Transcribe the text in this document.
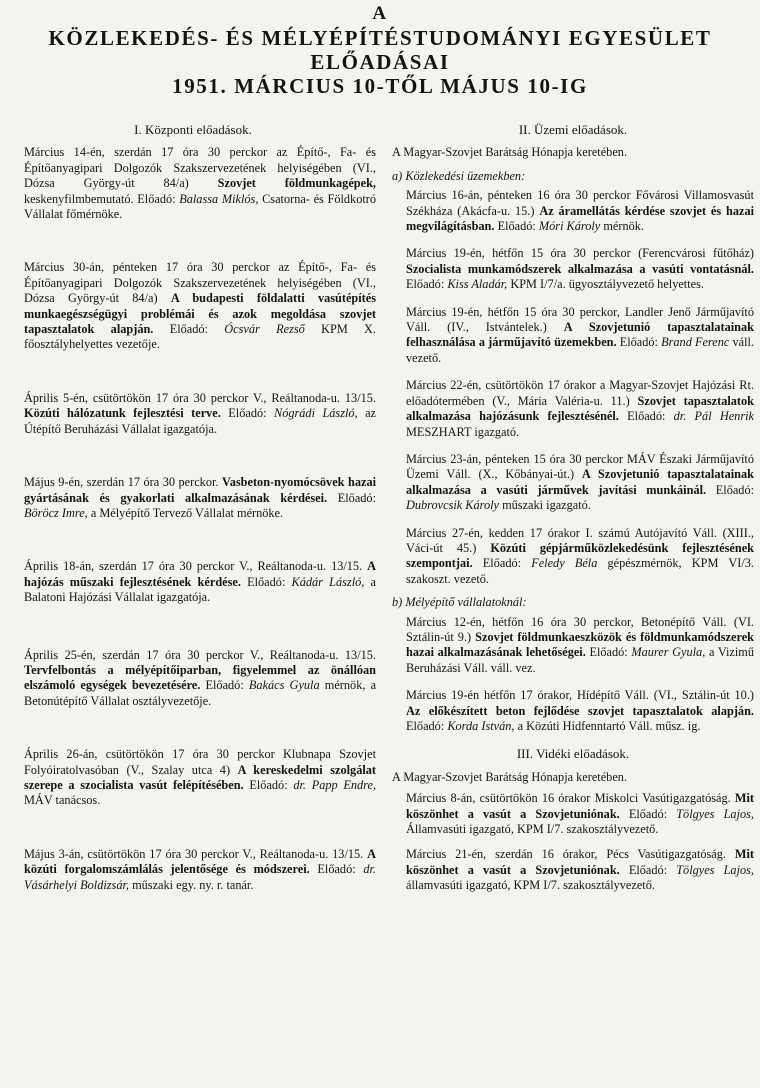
A
KÖZLEKEDÉS- ÉS MÉLYÉPÍTÉSTUDOMÁNYI EGYESÜLET
ELŐADÁSAI
1951. MÁRCIUS 10-TŐL MÁJUS 10-IG
I. Központi előadások.

Március 14-én, szerdán 17 óra 30 perckor az Építő-, Fa- és Építőanyagipari Dolgozók Szakszervezetének helyiségében (VI., Dózsa György-út 84/a) Szovjet földmunkagépek, keskenyfilmbemutató. Előadó: Balassa Miklós, Csatorna- és Földkotró Vállalat főmérnöke.

Március 30-án, pénteken 17 óra 30 perckor az Építő-, Fa- és Építőanyagipari Dolgozók Szakszervezetének helyiségében (VI., Dózsa György-út 84/a) A budapesti földalatti vasútépítés munkaegészségügyi problémái és azok megoldása szovjet tapasztalatok alapján. Előadó: Ócsvár Rezső KPM X. főosztályhelyettes vezetője.

Április 5-én, csütörtökön 17 óra 30 perckor V., Reáltanoda-u. 13/15. Közúti hálózatunk fejlesztési terve. Előadó: Nógrádi László, az Útépítő Beruházási Vállalat igazgatója.

Május 9-én, szerdán 17 óra 30 perckor. Vasbeton-nyomócsövek hazai gyártásának és gyakorlati alkalmazásának kérdései. Előadó: Böröcz Imre, a Mélyépítő Tervező Vállalat mérnöke.

Április 18-án, szerdán 17 óra 30 perckor V., Reáltanoda-u. 13/15. A hajózás műszaki fejlesztésének kérdése. Előadó: Kádár László, a Balatoni Hajózási Vállalat igazgatója.

Április 25-én, szerdán 17 óra 30 perckor V., Reáltanoda-u. 13/15. Tervfelbontás a mélyépítőiparban, figyelemmel az önállóan elszámoló egységek bevezetésére. Előadó: Bakács Gyula mérnök, a Betonútépítő Vállalat osztályvezetője.

Április 26-án, csütörtökön 17 óra 30 perckor Klubnapa Szovjet Folyóiratolvasóban (V., Szalay utca 4) A kereskedelmi szolgálat szerepe a szocialista vasút felépítésében. Előadó: dr. Papp Endre, MÁV tanácsos.

Május 3-án, csütörtökön 17 óra 30 perckor V., Reáltanoda-u. 13/15. A közúti forgalomszámlálás jelentősége és módszerei. Előadó: dr. Vásárhelyi Boldizsár, műszaki egy. ny. r. tanár.

II. Üzemi előadások.
A Magyar-Szovjet Barátság Hónapja keretében.
a) Közlekedési üzemekben:

Március 16-án, pénteken 16 óra 30 perckor Fővárosi Villamosvasút Székháza (Akácfa-u. 15.) Az áramellátás kérdése szovjet és hazai megvilágításban. Előadó: Móri Károly mérnök.

Március 19-én, hétfőn 15 óra 30 perckor (Ferencvárosi fűtőház) Szocialista munkamódszerek alkalmazása a vasúti vontatásnál. Előadó: Kiss Aladár, KPM I/7/a. ügyosztályvezető helyettes.

Március 19-én, hétfőn 15 óra 30 perckor, Landler Jenő Járműjavító Váll. (IV., Istvántelek.) A Szovjetunió tapasztalatainak felhasználása a járműjavító üzemekben. Előadó: Brand Ferenc váll. vezető.

Március 22-én, csütörtökön 17 órakor a Magyar-Szovjet Hajózási Rt. előadótermében (V., Mária Valéria-u. 11.) Szovjet tapasztalatok alkalmazása hajózásunk fejlesztésénél. Előadó: dr. Pál Henrik MESZHART igazgató.

Március 23-án, pénteken 15 óra 30 perckor MÁV Északi Járműjavító Üzemi Váll. (X., Kőbányai-út.) A Szovjetunió tapasztalatainak alkalmazása a vasúti járművek javítási munkáinál. Előadó: Dubrovcsik Károly műszaki igazgató.

Március 27-én, kedden 17 órakor I. számú Autójavító Váll. (XIII., Váci-út 45.) Közúti gépjárműközlekedésünk fejlesztésének szempontjai. Előadó: Feledy Béla gépészmérnök, KPM VI/3. szakoszt. vezető.

b) Mélyépítő vállalatoknál:

Március 12-én, hétfőn 16 óra 30 perckor, Betonépítő Váll. (VI. Sztálin-út 9.) Szovjet földmunkaeszközök és földmunkamódszerek hazai alkalmazásának lehetőségei. Előadó: Maurer Gyula, a Vizimű Beruházási Váll. váll. vez.

Március 19-én hétfőn 17 órakor, Hídépítő Váll. (VI., Sztálin-út 10.) Az előkészített beton fejlődése szovjet tapasztalatok alapján. Előadó: Korda István, a Közúti Hídfenntartó Váll. műsz. ig.

III. Vidéki előadások.
A Magyar-Szovjet Barátság Hónapja keretében.

Március 8-án, csütörtökön 16 órakor Miskolci Vasútigazgatóság. Mit köszönhet a vasút a Szovjetuniónak. Előadó: Tölgyes Lajos, Államvasúti igazgató, KPM I/7. szakosztályvezető.

Március 21-én, szerdán 16 órakor, Pécs Vasútigazgatóság. Mit köszönhet a vasút a Szovjetuniónak. Előadó: Tölgyes Lajos, államvasúti igazgató, KPM I/7. szakosztályvezető.
